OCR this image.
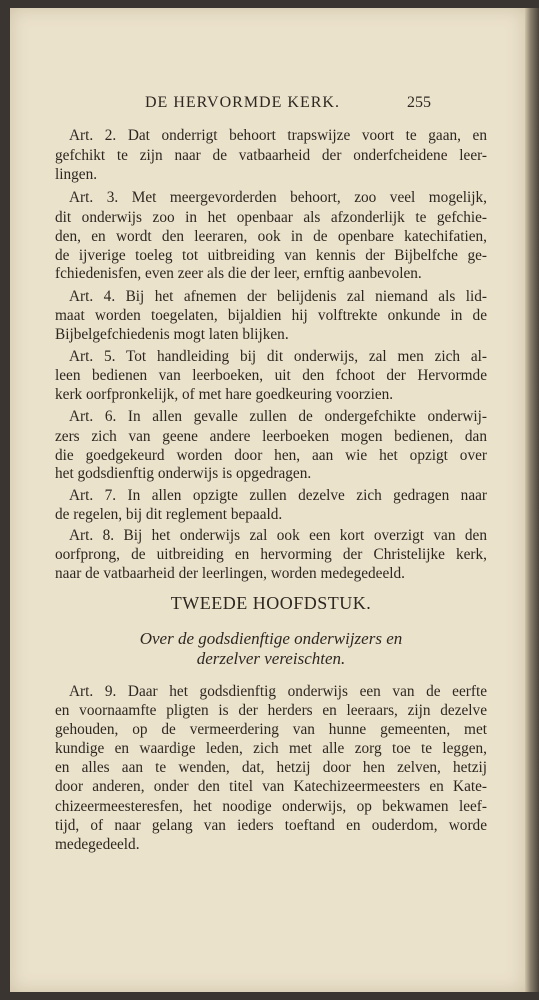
DE HERVORMDE KERK.	255
Art. 2. Dat onderrigt behoort trapswijze voort te gaan, en
gefchikt te zijn naar de vatbaarheid der onderfcheidene leer-
lingen.
Art. 3. Met meergevorderden behoort, zoo veel mogelijk,
dit onderwijs zoo in het openbaar als afzonderlijk te gefchie-
den, en wordt den leeraren, ook in de openbare katechifatien,
de ijverige toeleg tot uitbreiding van kennis der Bijbelfche ge-
fchiedenisfen, even zeer als die der leer, ernftig aanbevolen.
Art. 4. Bij het afnemen der belijdenis zal niemand als lid-
maat worden toegelaten, bijaldien hij volftrekte onkunde in de
Bijbelgefchiedenis mogt laten blijken.
Art. 5. Tot handleiding bij dit onderwijs, zal men zich al-
leen bedienen van leerboeken, uit den fchoot der Hervormde
kerk oorfpronkelijk, of met hare goedkeuring voorzien.
Art. 6. In allen gevalle zullen de ondergefchikte onderwij-
zers zich van geene andere leerboeken mogen bedienen, dan
die goedgekeurd worden door hen, aan wie het opzigt over
het godsdienftig onderwijs is opgedragen.
Art. 7. In allen opzigte zullen dezelve zich gedragen naar
de regelen, bij dit reglement bepaald.
Art. 8. Bij het onderwijs zal ook een kort overzigt van den
oorfprong, de uitbreiding en hervorming der Christelijke kerk,
naar de vatbaarheid der leerlingen, worden medegedeeld.
TWEEDE HOOFDSTUK.
Over de godsdienftige onderwijzers en
derzelver vereischten.
Art. 9. Daar het godsdienftig onderwijs een van de eerfte
en voornaamfte pligten is der herders en leeraars, zijn dezelve
gehouden, op de vermeerdering van hunne gemeenten, met
kundige en waardige leden, zich met alle zorg toe te leggen,
en alles aan te wenden, dat, hetzij door hen zelven, hetzij
door anderen, onder den titel van Katechizeermeesters en Kate-
chizeermeesteresfen, het noodige onderwijs, op bekwamen leef-
tijd, of naar gelang van ieders toeftand en ouderdom, worde
medegedeeld.
